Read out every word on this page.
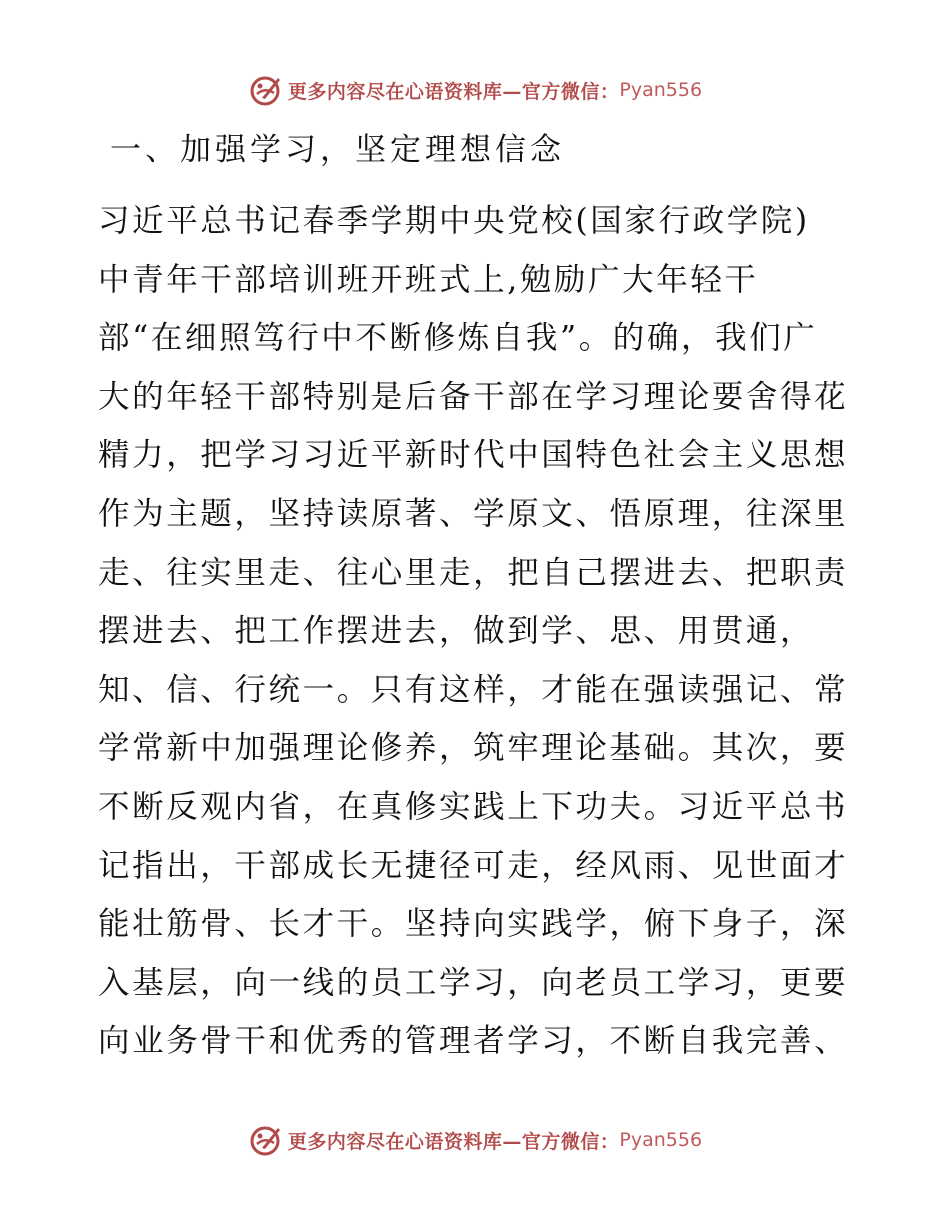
更多内容尽在心语资料库—官方微信： Pyan556
一、加强学习，坚定理想信念
习近平总书记春季学期中央党校(国家行政学院)
中青年干部培训班开班式上,勉励广大年轻干
部“在细照笃行中不断修炼自我”。的确，我们广
大的年轻干部特别是后备干部在学习理论要舍得花
精力，把学习习近平新时代中国特色社会主义思想
作为主题，坚持读原著、学原文、悟原理，往深里
走、往实里走、往心里走，把自己摆进去、把职责
摆进去、把工作摆进去，做到学、思、用贯通，
知、信、行统一。只有这样，才能在强读强记、常
学常新中加强理论修养，筑牢理论基础。其次，要
不断反观内省，在真修实践上下功夫。习近平总书
记指出，干部成长无捷径可走，经风雨、见世面才
能壮筋骨、长才干。坚持向实践学，俯下身子，深
入基层，向一线的员工学习，向老员工学习，更要
向业务骨干和优秀的管理者学习，不断自我完善、
更多内容尽在心语资料库—官方微信： Pyan556
